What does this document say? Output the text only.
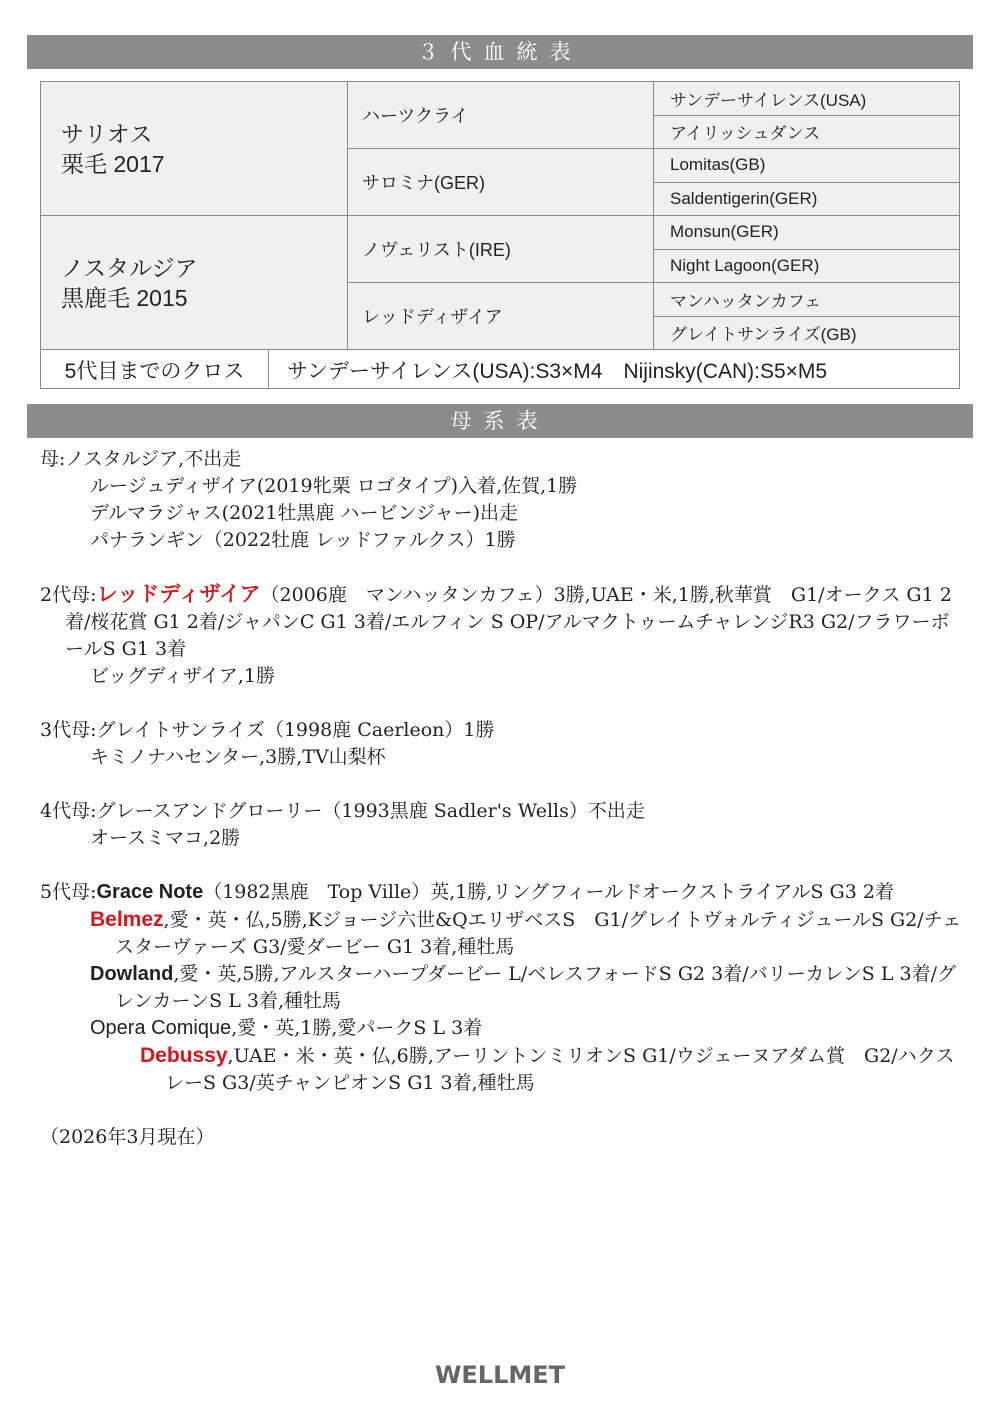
３代血統表
サリオス
栗毛 2017
ノスタルジア
黒鹿毛 2015
ハーツクライ
サロミナ(GER)
ノヴェリスト(IRE)
レッドディザイア
サンデーサイレンス(USA)
アイリッシュダンス
Lomitas(GB)
Saldentigerin(GER)
Monsun(GER)
Night Lagoon(GER)
マンハッタンカフェ
グレイトサンライズ(GB)
5代目までのクロス	サンデーサイレンス(USA):S3×M4　Nijinsky(CAN):S5×M5
母系表

母:ノスタルジア,不出走

ルージュディザイア(2019牝栗 ロゴタイプ)入着,佐賀,1勝

デルマラジャス(2021牡黒鹿 ハービンジャー)出走

パナランギン（2022牡鹿 レッドファルクス）1勝

2代母:レッドディザイア（2006鹿　マンハッタンカフェ）3勝,UAE・米,1勝,秋華賞　G1/オークス G1 2着/桜花賞 G1 2着/ジャパンC G1 3着/エルフィン S OP/アルマクトゥームチャレンジR3 G2/フラワーボールS G1 3着

ビッグディザイア,1勝

3代母:グレイトサンライズ（1998鹿 Caerleon）1勝

キミノナハセンター,3勝,TV山梨杯

4代母:グレースアンドグローリー（1993黒鹿 Sadler's Wells）不出走

オースミマコ,2勝

5代母:Grace Note（1982黒鹿　Top Ville）英,1勝,リングフィールドオークストライアルS G3 2着

Belmez,愛・英・仏,5勝,Kジョージ六世&QエリザベスS　G1/グレイトヴォルティジュールS G2/チェスターヴァーズ G3/愛ダービー G1 3着,種牡馬

Dowland,愛・英,5勝,アルスターハープダービー L/ベレスフォードS G2 3着/バリーカレンS L 3着/グレンカーンS L 3着,種牡馬

Opera Comique,愛・英,1勝,愛パークS L 3着

Debussy,UAE・米・英・仏,6勝,アーリントンミリオンS G1/ウジェーヌアダム賞　G2/ハクスレーS G3/英チャンピオンS G1 3着,種牡馬

（2026年3月現在）

WELLMET
